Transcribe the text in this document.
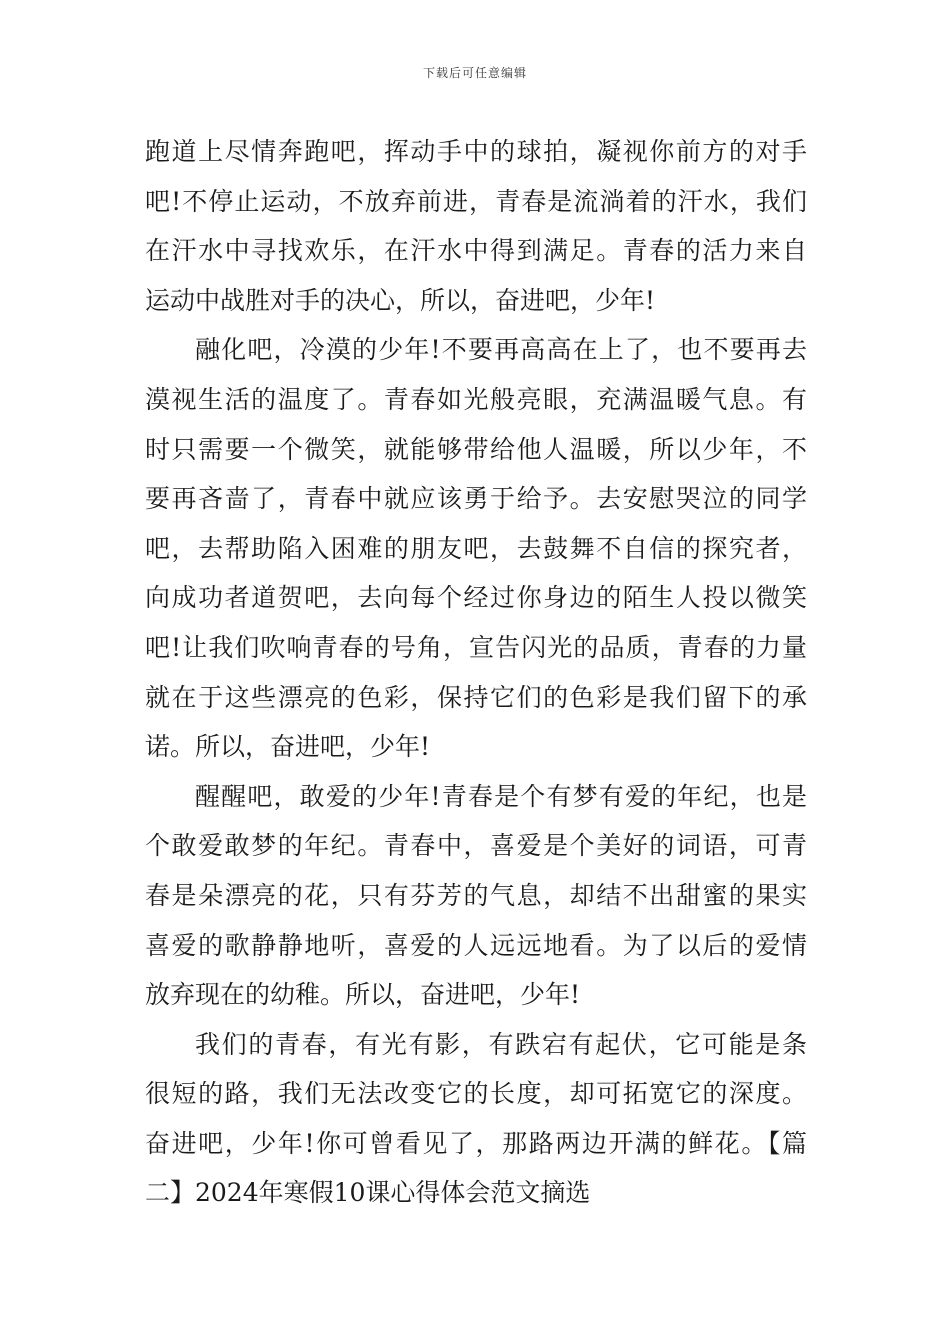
下载后可任意编辑
跑道上尽情奔跑吧，挥动手中的球拍，凝视你前方的对手
吧!不停止运动，不放弃前进，青春是流淌着的汗水，我们
在汗水中寻找欢乐，在汗水中得到满足。青春的活力来自
运动中战胜对手的决心，所以，奋进吧，少年!
融化吧，冷漠的少年!不要再高高在上了，也不要再去
漠视生活的温度了。青春如光般亮眼，充满温暖气息。有
时只需要一个微笑，就能够带给他人温暖，所以少年，不
要再吝啬了，青春中就应该勇于给予。去安慰哭泣的同学
吧，去帮助陷入困难的朋友吧，去鼓舞不自信的探究者，
向成功者道贺吧，去向每个经过你身边的陌生人投以微笑
吧!让我们吹响青春的号角，宣告闪光的品质，青春的力量
就在于这些漂亮的色彩，保持它们的色彩是我们留下的承
诺。所以，奋进吧，少年!
醒醒吧，敢爱的少年!青春是个有梦有爱的年纪，也是
个敢爱敢梦的年纪。青春中，喜爱是个美好的词语，可青
春是朵漂亮的花，只有芬芳的气息，却结不出甜蜜的果实
喜爱的歌静静地听，喜爱的人远远地看。为了以后的爱情
放弃现在的幼稚。所以，奋进吧，少年!
我们的青春，有光有影，有跌宕有起伏，它可能是条
很短的路，我们无法改变它的长度，却可拓宽它的深度。
奋进吧，少年!你可曾看见了，那路两边开满的鲜花。【篇
二】2024年寒假10课心得体会范文摘选
